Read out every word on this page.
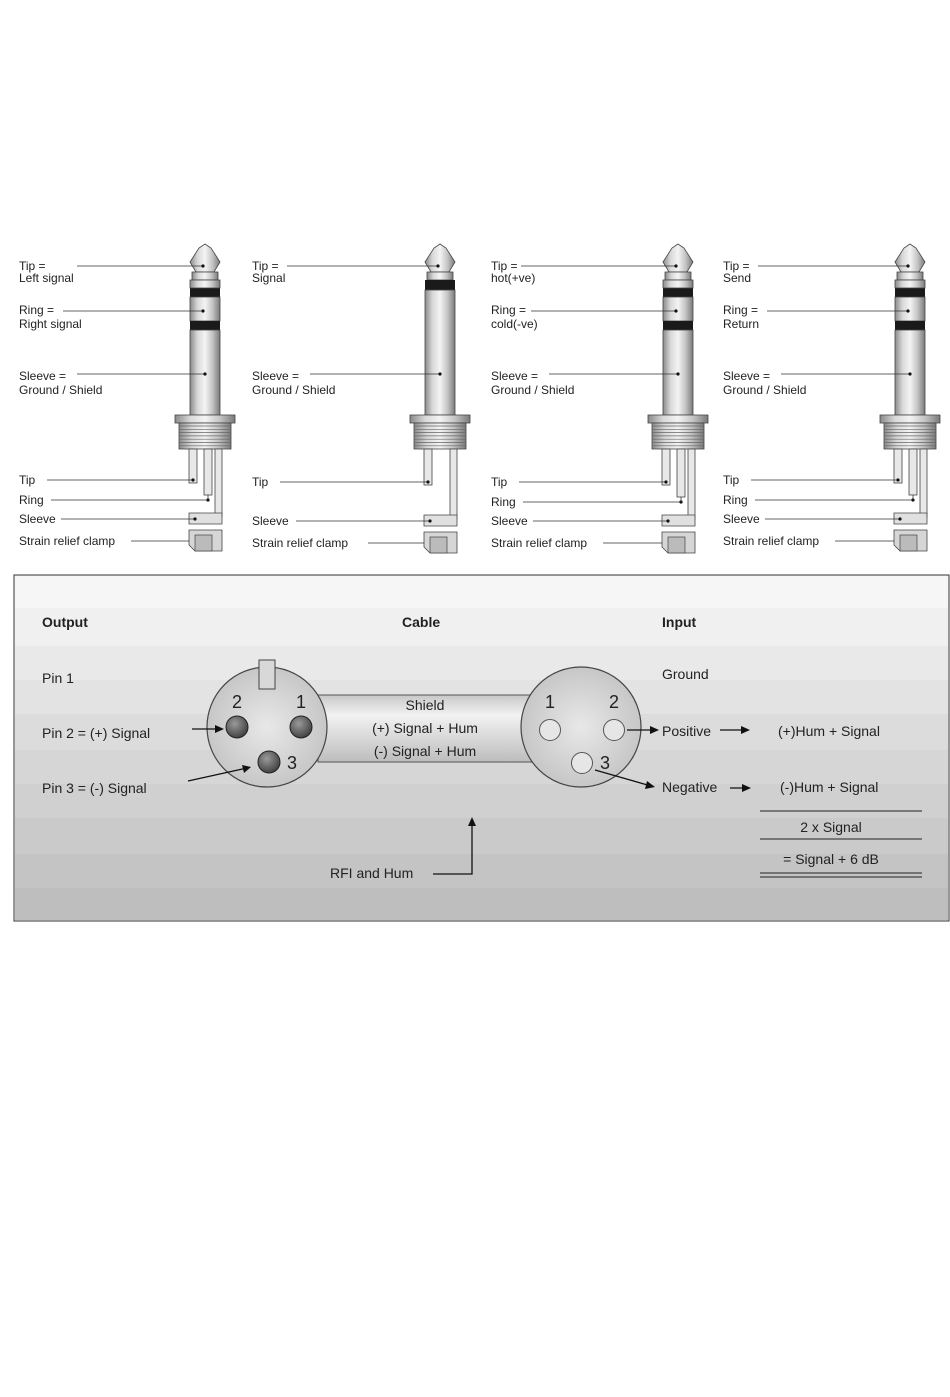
Tip =
Left signal
Ring =
Right signal
Sleeve =
Ground / Shield
Tip
Ring
Sleeve
Strain relief clamp
Tip =
Signal
Sleeve =
Ground / Shield
Tip
Sleeve
Strain relief clamp
Tip =
hot(+ve)
Ring =
cold(-ve)
Sleeve =
Ground / Shield
Tip
Ring
Sleeve
Strain relief clamp
Tip =
Send
Ring =
Return
Sleeve =
Ground / Shield
Tip
Ring
Sleeve
Strain relief clamp
Output	Cable	Input
Pin 1
Pin 2 = (+) Signal
Pin 3 = (-) Signal
Shield
(+) Signal + Hum
(-) Signal + Hum
2	1
3
1	2
3
Ground
Positive
Negative
(+)Hum + Signal
(-)Hum + Signal
2 x Signal
= Signal + 6 dB
RFI and Hum
